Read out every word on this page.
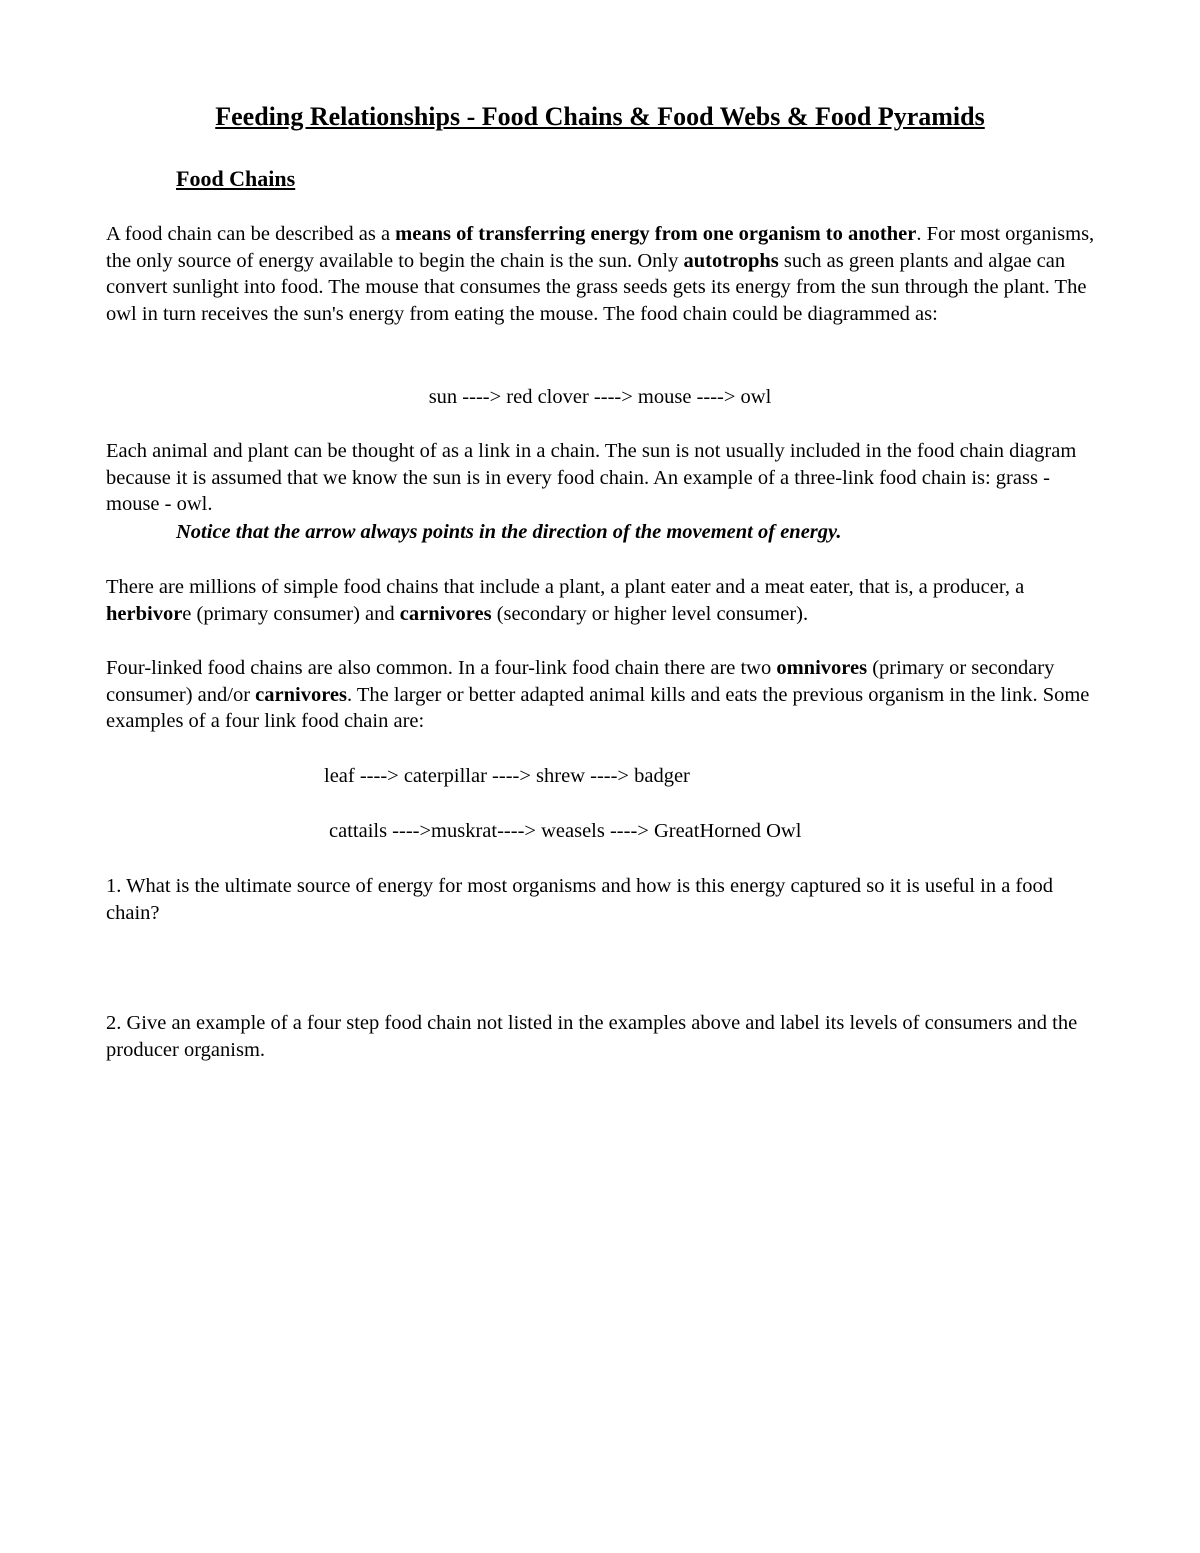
Feeding Relationships - Food Chains & Food Webs & Food Pyramids
Food Chains

A food chain can be described as a means of transferring energy from one organism to another. For most organisms, the only source of energy available to begin the chain is the sun. Only autotrophs such as green plants and algae can convert sunlight into food. The mouse that consumes the grass seeds gets its energy from the sun through the plant. The owl in turn receives the sun's energy from eating the mouse. The food chain could be diagrammed as:

sun ----> red clover ----> mouse ----> owl

Each animal and plant can be thought of as a link in a chain. The sun is not usually included in the food chain diagram because it is assumed that we know the sun is in every food chain. An example of a three-link food chain is: grass - mouse - owl.

Notice that the arrow always points in the direction of the movement of energy.

There are millions of simple food chains that include a plant, a plant eater and a meat eater, that is, a producer, a herbivore (primary consumer) and carnivores (secondary or higher level consumer).

Four-linked food chains are also common. In a four-link food chain there are two omnivores (primary or secondary consumer) and/or carnivores. The larger or better adapted animal kills and eats the previous organism in the link. Some examples of a four link food chain are:

leaf ----> caterpillar ----> shrew ----> badger

cattails ---->muskrat----> weasels ----> GreatHorned Owl

1. What is the ultimate source of energy for most organisms and how is this energy captured so it is useful in a food chain?

2. Give an example of a four step food chain not listed in the examples above and label its levels of consumers and the producer organism.
